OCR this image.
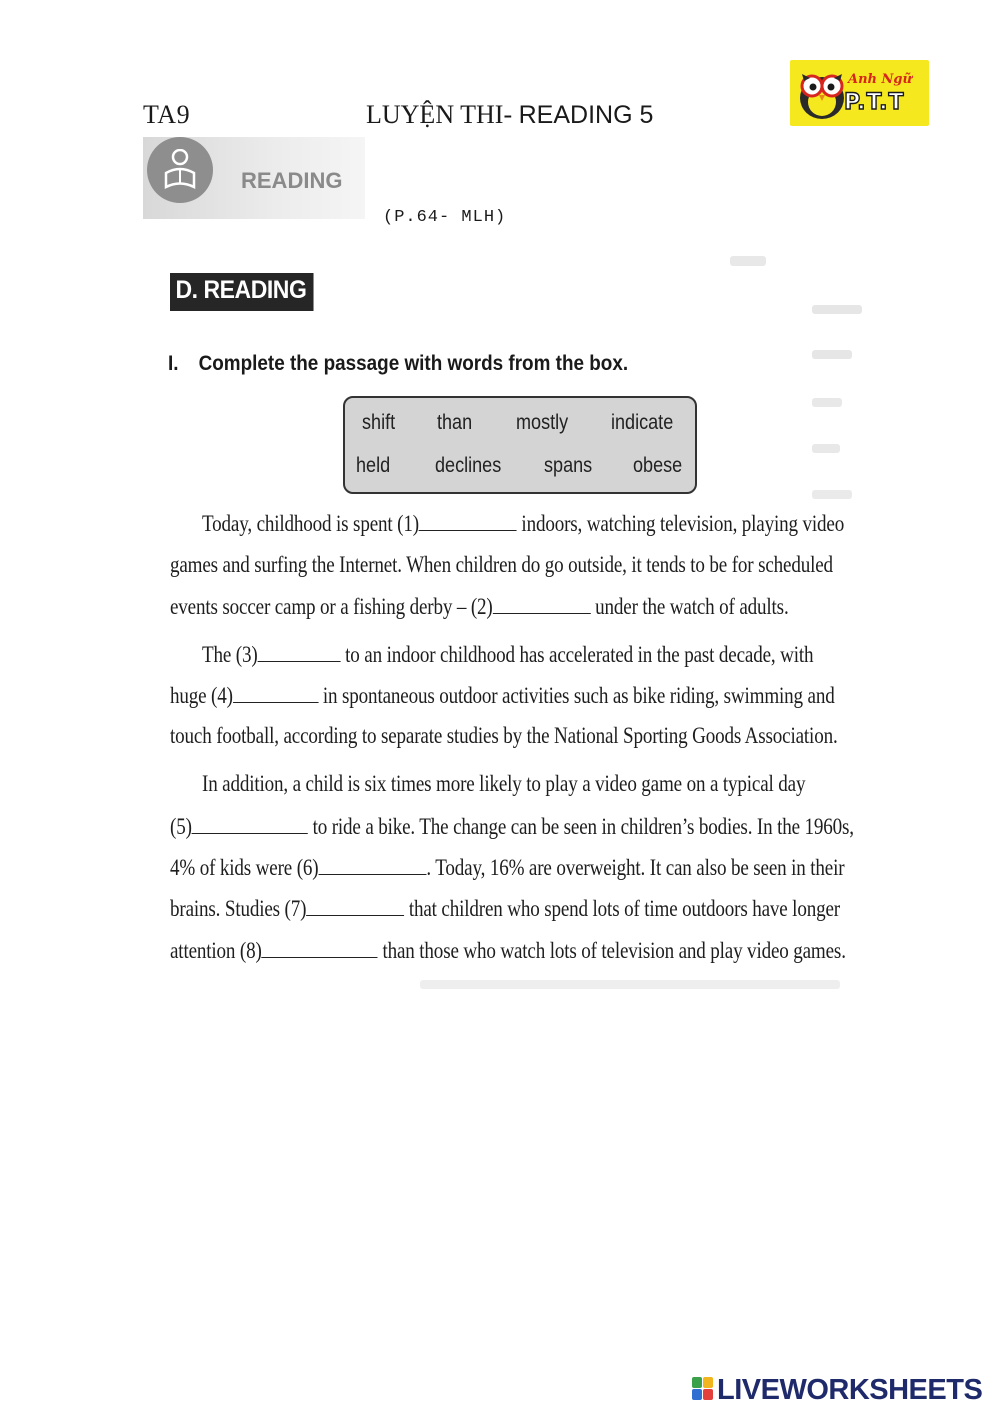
TA9	LUYỆN THI- READING 5
Anh Ngữ
P.T.T
READING
(P.64- MLH)
D. READING
I. Complete the passage with words from the box.
shift than mostly indicate
held declines spans obese
Today, childhood is spent (1)	indoors, watching television, playing video
games and surfing the Internet. When children do go outside, it tends to be for scheduled
events soccer camp or a fishing derby – (2)	under the watch of adults.
The (3)	to an indoor childhood has accelerated in the past decade, with
huge (4)	in spontaneous outdoor activities such as bike riding, swimming and
touch football, according to separate studies by the National Sporting Goods Association.
In addition, a child is six times more likely to play a video game on a typical day
(5)	to ride a bike. The change can be seen in children’s bodies. In the 1960s,
4% of kids were (6)	. Today, 16% are overweight. It can also be seen in their
brains. Studies (7)	that children who spend lots of time outdoors have longer
attention (8)	than those who watch lots of television and play video games.
LIVEWORKSHEETS
